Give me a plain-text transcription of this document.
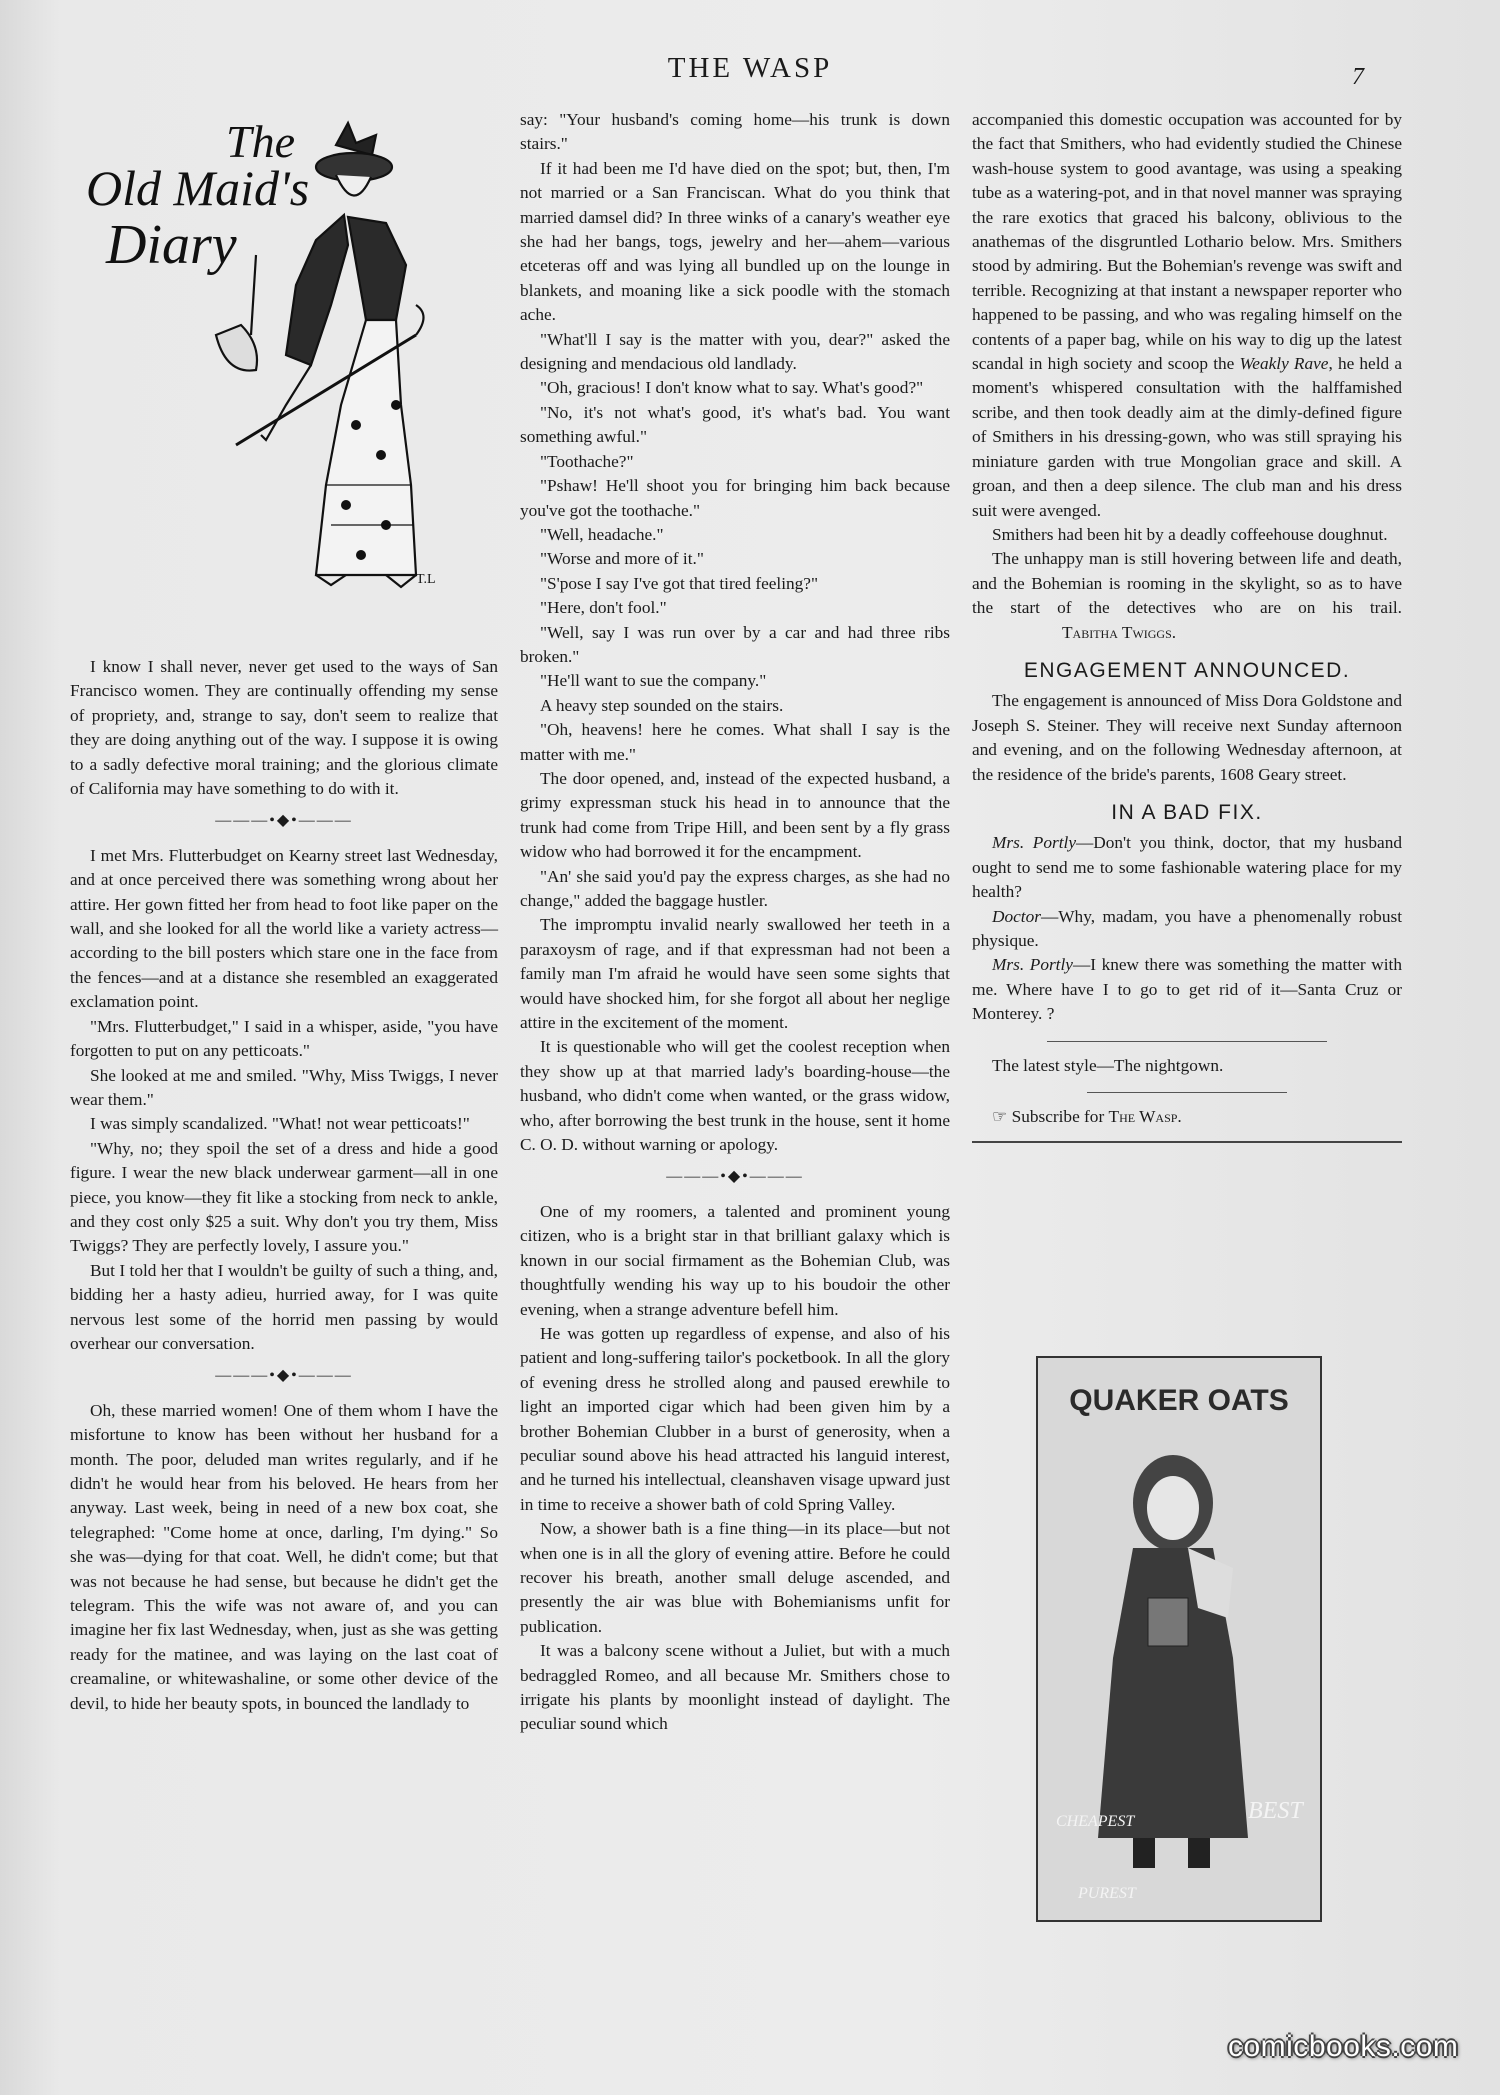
THE WASP	7
The
Old Maid's
Diary
T.L

I know I shall never, never get used to the ways of San Francisco women. They are continually offending my sense of propriety, and, strange to say, don't seem to realize that they are doing anything out of the way. I suppose it is owing to a sadly defective moral training; and the glorious climate of California may have something to do with it.

———•◆•———

I met Mrs. Flutterbudget on Kearny street last Wednesday, and at once perceived there was something wrong about her attire. Her gown fitted her from head to foot like paper on the wall, and she looked for all the world like a variety actress—according to the bill posters which stare one in the face from the fences—and at a distance she resembled an exaggerated exclamation point.

"Mrs. Flutterbudget," I said in a whisper, aside, "you have forgotten to put on any petticoats."

She looked at me and smiled. "Why, Miss Twiggs, I never wear them."

I was simply scandalized. "What! not wear petticoats!"

"Why, no; they spoil the set of a dress and hide a good figure. I wear the new black underwear garment—all in one piece, you know—they fit like a stocking from neck to ankle, and they cost only $25 a suit. Why don't you try them, Miss Twiggs? They are perfectly lovely, I assure you."

But I told her that I wouldn't be guilty of such a thing, and, bidding her a hasty adieu, hurried away, for I was quite nervous lest some of the horrid men passing by would overhear our conversation.

———•◆•———

Oh, these married women! One of them whom I have the misfortune to know has been without her husband for a month. The poor, deluded man writes regularly, and if he didn't he would hear from his beloved. He hears from her anyway. Last week, being in need of a new box coat, she telegraphed: "Come home at once, darling, I'm dying." So she was—dying for that coat. Well, he didn't come; but that was not because he had sense, but because he didn't get the telegram. This the wife was not aware of, and you can imagine her fix last Wednesday, when, just as she was getting ready for the matinee, and was laying on the last coat of creamaline, or whitewashaline, or some other device of the devil, to hide her beauty spots, in bounced the landlady to

say: "Your husband's coming home—his trunk is down stairs."

If it had been me I'd have died on the spot; but, then, I'm not married or a San Franciscan. What do you think that married damsel did? In three winks of a canary's weather eye she had her bangs, togs, jewelry and her—ahem—various etceteras off and was lying all bundled up on the lounge in blankets, and moaning like a sick poodle with the stomach ache.

"What'll I say is the matter with you, dear?" asked the designing and mendacious old landlady.

"Oh, gracious! I don't know what to say. What's good?"

"No, it's not what's good, it's what's bad. You want something awful."

"Toothache?"

"Pshaw! He'll shoot you for bringing him back because you've got the toothache."

"Well, headache."

"Worse and more of it."

"S'pose I say I've got that tired feeling?"

"Here, don't fool."

"Well, say I was run over by a car and had three ribs broken."

"He'll want to sue the company."

A heavy step sounded on the stairs.

"Oh, heavens! here he comes. What shall I say is the matter with me."

The door opened, and, instead of the expected husband, a grimy expressman stuck his head in to announce that the trunk had come from Tripe Hill, and been sent by a fly grass widow who had borrowed it for the encampment.

"An' she said you'd pay the express charges, as she had no change," added the baggage hustler.

The impromptu invalid nearly swallowed her teeth in a paraxoysm of rage, and if that expressman had not been a family man I'm afraid he would have seen some sights that would have shocked him, for she forgot all about her neglige attire in the excitement of the moment.

It is questionable who will get the coolest reception when they show up at that married lady's boarding-house—the husband, who didn't come when wanted, or the grass widow, who, after borrowing the best trunk in the house, sent it home C. O. D. without warning or apology.

———•◆•———

One of my roomers, a talented and prominent young citizen, who is a bright star in that brilliant galaxy which is known in our social firmament as the Bohemian Club, was thoughtfully wending his way up to his boudoir the other evening, when a strange adventure befell him.

He was gotten up regardless of expense, and also of his patient and long-suffering tailor's pocketbook. In all the glory of evening dress he strolled along and paused erewhile to light an imported cigar which had been given him by a brother Bohemian Clubber in a burst of generosity, when a peculiar sound above his head attracted his languid interest, and he turned his intellectual, cleanshaven visage upward just in time to receive a shower bath of cold Spring Valley.

Now, a shower bath is a fine thing—in its place—but not when one is in all the glory of evening attire. Before he could recover his breath, another small deluge ascended, and presently the air was blue with Bohemianisms unfit for publication.

It was a balcony scene without a Juliet, but with a much bedraggled Romeo, and all because Mr. Smithers chose to irrigate his plants by moonlight instead of daylight. The peculiar sound which

accompanied this domestic occupation was accounted for by the fact that Smithers, who had evidently studied the Chinese wash-house system to good avantage, was using a speaking tube as a watering-pot, and in that novel manner was spraying the rare exotics that graced his balcony, oblivious to the anathemas of the disgruntled Lothario below. Mrs. Smithers stood by admiring. But the Bohemian's revenge was swift and terrible. Recognizing at that instant a newspaper reporter who happened to be passing, and who was regaling himself on the contents of a paper bag, while on his way to dig up the latest scandal in high society and scoop the Weakly Rave, he held a moment's whispered consultation with the halffamished scribe, and then took deadly aim at the dimly-defined figure of Smithers in his dressing-gown, who was still spraying his miniature garden with true Mongolian grace and skill. A groan, and then a deep silence. The club man and his dress suit were avenged.

Smithers had been hit by a deadly coffeehouse doughnut.

The unhappy man is still hovering between life and death, and the Bohemian is rooming in the skylight, so as to have the start of the detectives who are on his trail. Tabitha Twiggs.

ENGAGEMENT ANNOUNCED.

The engagement is announced of Miss Dora Goldstone and Joseph S. Steiner. They will receive next Sunday afternoon and evening, and on the following Wednesday afternoon, at the residence of the bride's parents, 1608 Geary street.

IN A BAD FIX.

Mrs. Portly—Don't you think, doctor, that my husband ought to send me to some fashionable watering place for my health?

Doctor—Why, madam, you have a phenomenally robust physique.

Mrs. Portly—I knew there was something the matter with me. Where have I to go to get rid of it—Santa Cruz or Monterey. ?

The latest style—The nightgown.

☞ Subscribe for The Wasp.

QUAKER OATS
CHEAPEST	BEST
PUREST
comicbooks.com
